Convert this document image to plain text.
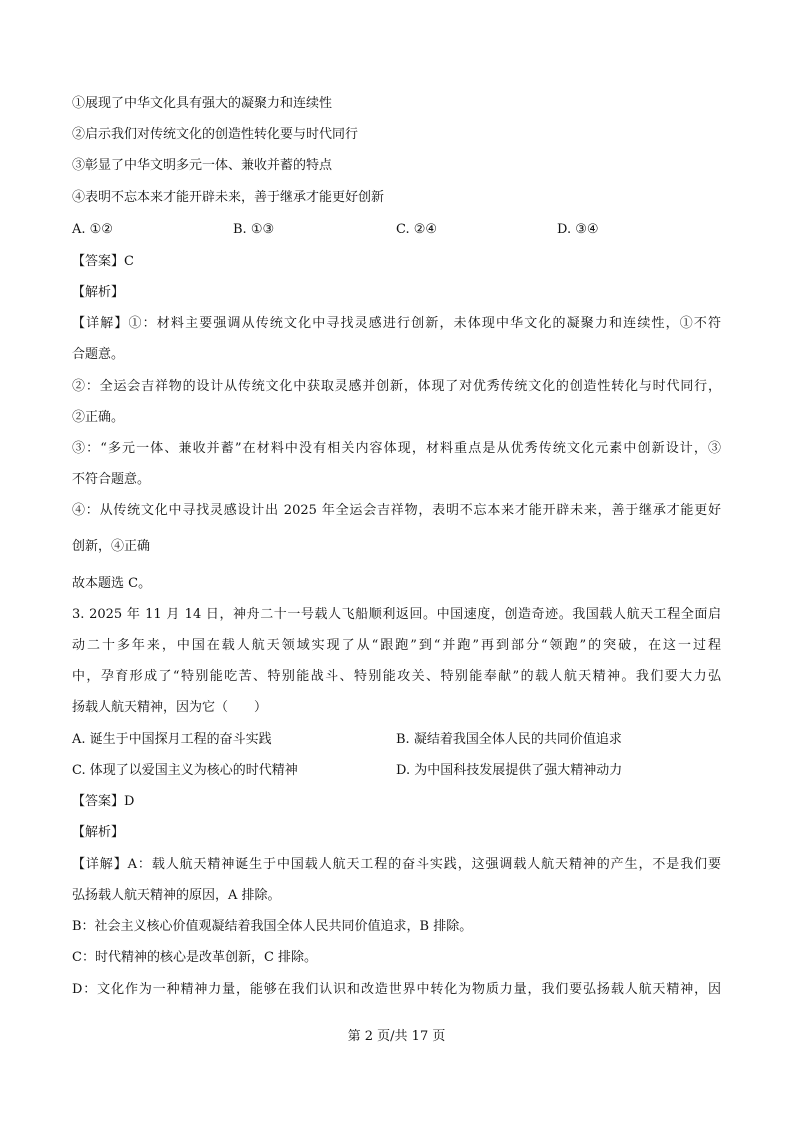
①展现了中华文化具有强大的凝聚力和连续性
②启示我们对传统文化的创造性转化要与时代同行
③彰显了中华文明多元一体、兼收并蓄的特点
④表明不忘本来才能开辟未来，善于继承才能更好创新
A. ①②	B. ①③	C. ②④	D. ③④
【答案】C
【解析】
【详解】①：材料主要强调从传统文化中寻找灵感进行创新，未体现中华文化的凝聚力和连续性，①不符
合题意。
②：全运会吉祥物的设计从传统文化中获取灵感并创新，体现了对优秀传统文化的创造性转化与时代同行，
②正确。
③：“多元一体、兼收并蓄”在材料中没有相关内容体现，材料重点是从优秀传统文化元素中创新设计，③
不符合题意。
④：从传统文化中寻找灵感设计出 2025 年全运会吉祥物，表明不忘本来才能开辟未来，善于继承才能更好
创新，④正确
故本题选 C。
3. 2025 年 11 月 14 日，神舟二十一号载人飞船顺利返回。中国速度，创造奇迹。我国载人航天工程全面启
动二十多年来，中国在载人航天领域实现了从“跟跑”到“并跑”再到部分“领跑”的突破，在这一过程
中，孕育形成了“特别能吃苦、特别能战斗、特别能攻关、特别能奉献”的载人航天精神。我们要大力弘
扬载人航天精神，因为它（　　）
A. 诞生于中国探月工程的奋斗实践	B. 凝结着我国全体人民的共同价值追求
C. 体现了以爱国主义为核心的时代精神	D. 为中国科技发展提供了强大精神动力
【答案】D
【解析】
【详解】A：载人航天精神诞生于中国载人航天工程的奋斗实践，这强调载人航天精神的产生，不是我们要
弘扬载人航天精神的原因，A 排除。
B：社会主义核心价值观凝结着我国全体人民共同价值追求，B 排除。
C：时代精神的核心是改革创新，C 排除。
D：文化作为一种精神力量，能够在我们认识和改造世界中转化为物质力量，我们要弘扬载人航天精神，因
第 2 页/共 17 页
